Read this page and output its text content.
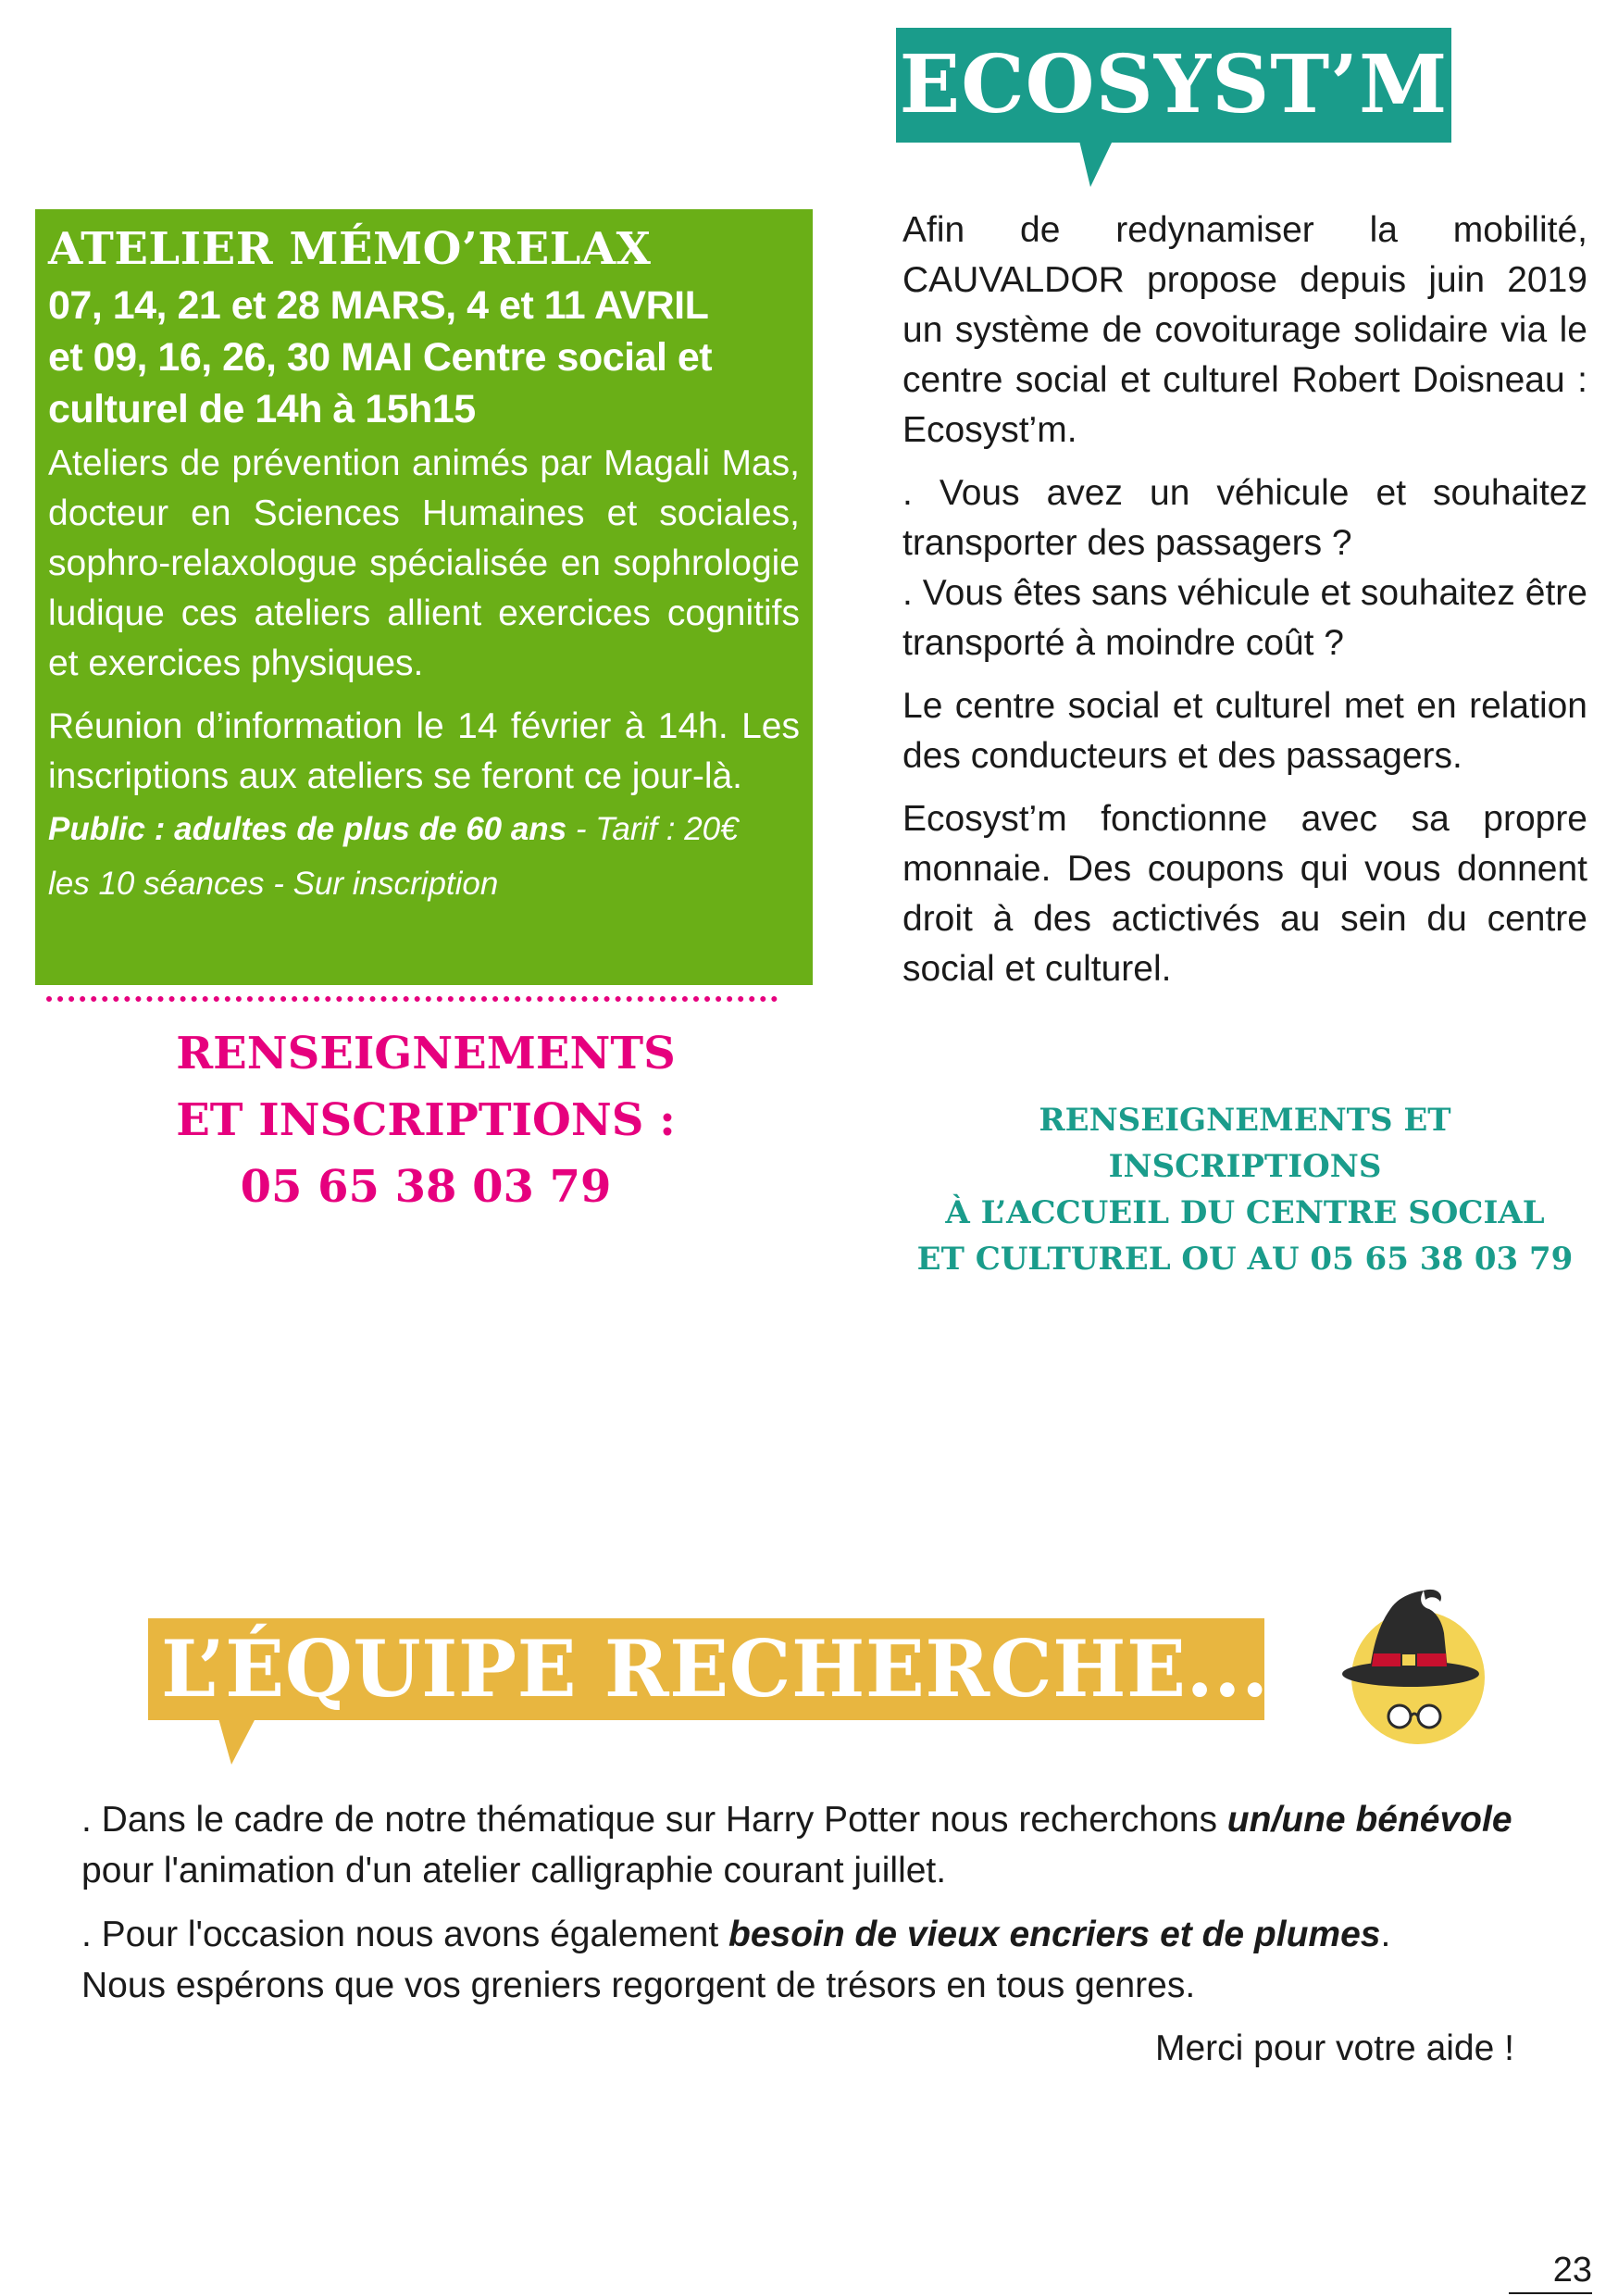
ATELIER MÉMO’RELAX
07, 14, 21 et 28 MARS, 4 et 11 AVRIL
et 09, 16, 26, 30 MAI Centre social et
culturel de 14h à 15h15

Ateliers de prévention animés par Magali Mas, docteur en Sciences Humaines et sociales, sophro-relaxologue spécialisée en sophrologie ludique ces ateliers allient exercices cognitifs et exercices physiques.

Réunion d’information le 14 février à 14h. Les inscriptions aux ateliers se feront ce jour-là.

Public : adultes de plus de 60 ans - Tarif : 20€
les 10 séances - Sur inscription
RENSEIGNEMENTS
ET INSCRIPTIONS :
05 65 38 03 79
ECOSYST’M

Afin de redynamiser la mobilité, CAUVALDOR propose depuis juin 2019 un système de covoiturage solidaire via le centre social et culturel Robert Doisneau : Ecosyst’m.

. Vous avez un véhicule et souhaitez transporter des passagers ?

. Vous êtes sans véhicule et souhaitez être transporté à moindre coût ?

Le centre social et culturel met en relation des conducteurs et des passagers.

Ecosyst’m fonctionne avec sa propre monnaie. Des coupons qui vous donnent droit à des actictivés au sein du centre social et culturel.

RENSEIGNEMENTS ET INSCRIPTIONS
À L’ACCUEIL DU CENTRE SOCIAL
ET CULTUREL OU AU 05 65 38 03 79
L’ÉQUIPE RECHERCHE...

. Dans le cadre de notre thématique sur Harry Potter nous recherchons un/une bénévole pour l'animation d'un atelier calligraphie courant juillet.

. Pour l'occasion nous avons également besoin de vieux encriers et de plumes.

Nous espérons que vos greniers regorgent de trésors en tous genres.

Merci pour votre aide !
23
